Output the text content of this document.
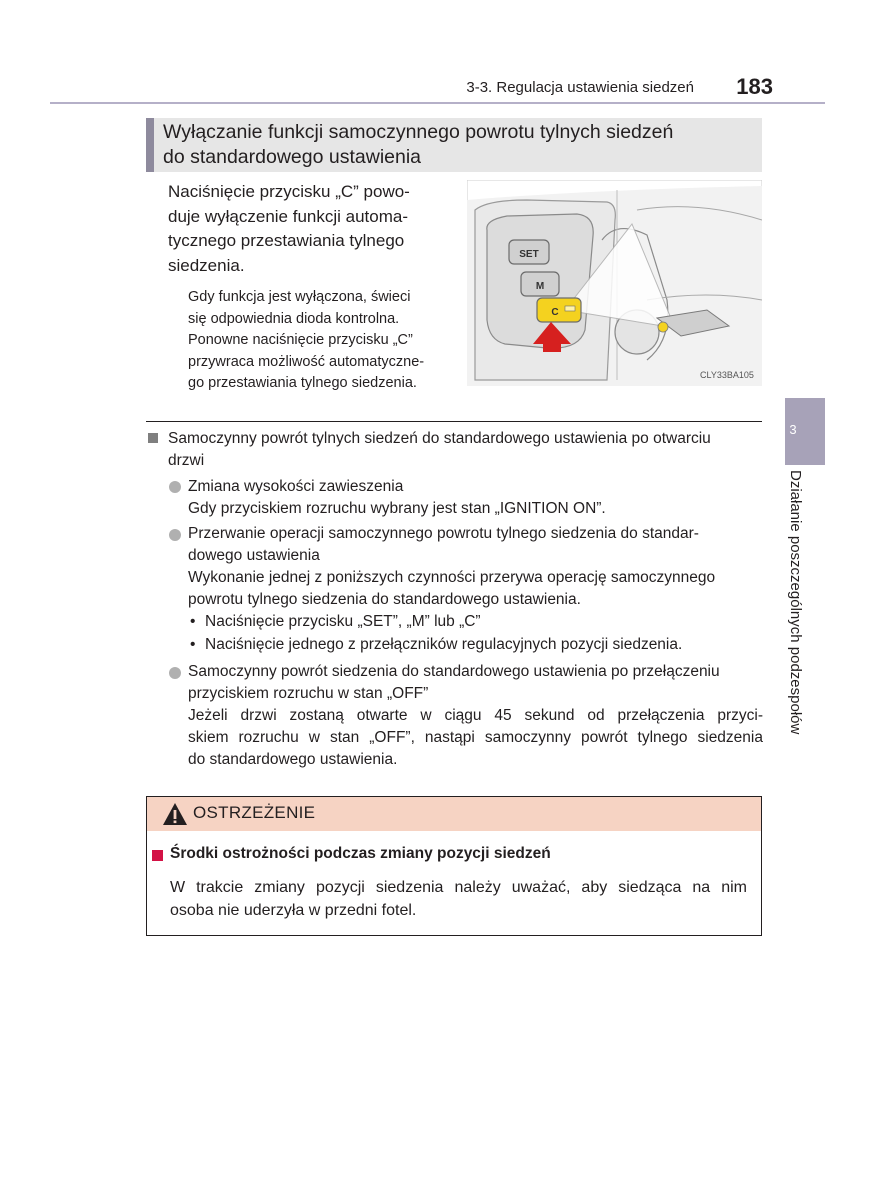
3-3. Regulacja ustawienia siedzeń 183
3
Działanie poszczególnych podzespołów
Wyłączanie funkcji samoczynnego powrotu tylnych siedzeń
do standardowego ustawienia
Naciśnięcie przycisku „C” powo-
duje wyłączenie funkcji automa-
tycznego przestawiania tylnego
siedzenia.
Gdy funkcja jest wyłączona, świeci
się odpowiednia dioda kontrolna.
Ponowne naciśnięcie przycisku „C”
przywraca możliwość automatyczne-
go przestawiania tylnego siedzenia.
SET
M
C
CLY33BA105
Samoczynny powrót tylnych siedzeń do standardowego ustawienia po otwarciu
drzwi
Zmiana wysokości zawieszenia
Gdy przyciskiem rozruchu wybrany jest stan „IGNITION ON”.
Przerwanie operacji samoczynnego powrotu tylnego siedzenia do standar-
dowego ustawienia
Wykonanie jednej z poniższych czynności przerywa operację samoczynnego
powrotu tylnego siedzenia do standardowego ustawienia.
• Naciśnięcie przycisku „SET”, „M” lub „C”
• Naciśnięcie jednego z przełączników regulacyjnych pozycji siedzenia.
Samoczynny powrót siedzenia do standardowego ustawienia po przełączeniu
przyciskiem rozruchu w stan „OFF”
Jeżeli drzwi zostaną otwarte w ciągu 45 sekund od przełączenia przyci-
skiem rozruchu w stan „OFF”, nastąpi samoczynny powrót tylnego siedzenia
do standardowego ustawienia.
OSTRZEŻENIE
Środki ostrożności podczas zmiany pozycji siedzeń
W trakcie zmiany pozycji siedzenia należy uważać, aby siedząca na nim
osoba nie uderzyła w przedni fotel.
